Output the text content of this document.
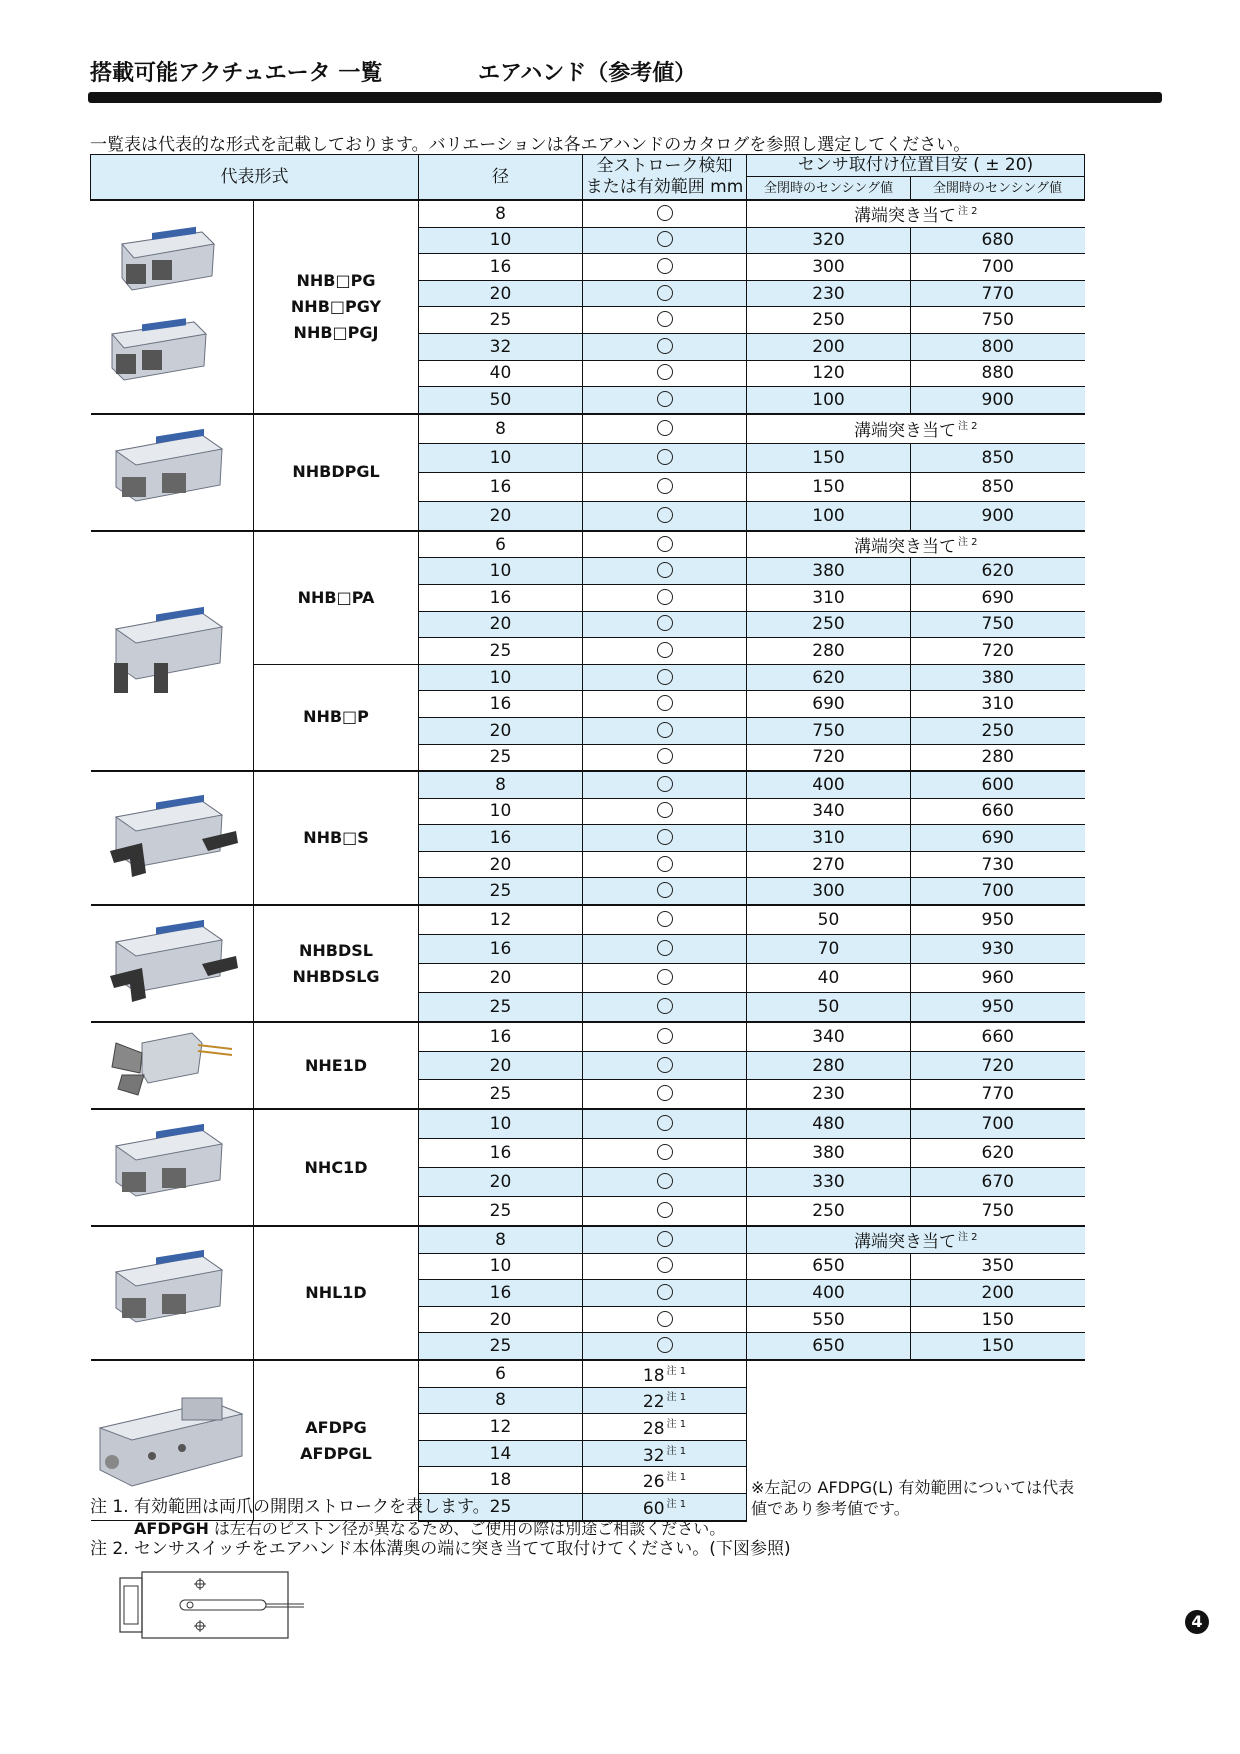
搭載可能アクチュエータ 一覧	エアハンド（参考値）
一覧表は代表的な形式を記載しております。バリエーションは各エアハンドのカタログを参照し選定してください。
代表形式		径	全ストローク検知
または有効範囲 mm	センサ取付け位置目安 ( ± 20)	
				全閉時のセンシング値	全開時のセンシング値

NHB□PG
NHB□PGY
NHB□PGJ	8		溝端突き当て $^{注 2}$
		10		320	680
		16		300	700
		20		230	770
		25		250	750
		32		200	800
		40		120	880
		50		100	900

NHBDPGL	8		溝端突き当て $^{注 2}$
		10		150	850
		16		150	850
		20		100	900

NHB□PA	6		溝端突き当て $^{注 2}$
		10		380	620
		16		310	690
		20		250	750
		25		280	720

	NHB□P	10		620	380
		16		690	310
		20		750	250
		25		720	280

NHB□S	8		400	600
		10		340	660
		16		310	690
		20		270	730
		25		300	700

NHBDSL
NHBDSLG	12		50	950
		16		70	930
		20		40	960
		25		50	950

NHE1D	16		340	660
		20		280	720
		25		230	770

NHC1D	10		480	700
		16		380	620
		20		330	670
		25		250	750

NHL1D	8		溝端突き当て $^{注 2}$
		10		650	350
		16		400	200
		20		550	150
		25		650	150

AFDPG
AFDPGL	6	18 $^{注 1}$	※左記の AFDPG(L) 有効範囲については代表値であり参考値です。	
		8	22 $^{注 1}$
		12	28 $^{注 1}$
		14	32 $^{注 1}$
		18	26 $^{注 1}$
		25	60 $^{注 1}$
注 1. 有効範囲は両爪の開閉ストロークを表します。
AFDPGH は左右のピストン径が異なるため、ご使用の際は別途ご相談ください。
注 2. センサスイッチをエアハンド本体溝奥の端に突き当てて取付けてください。(下図参照)
4
